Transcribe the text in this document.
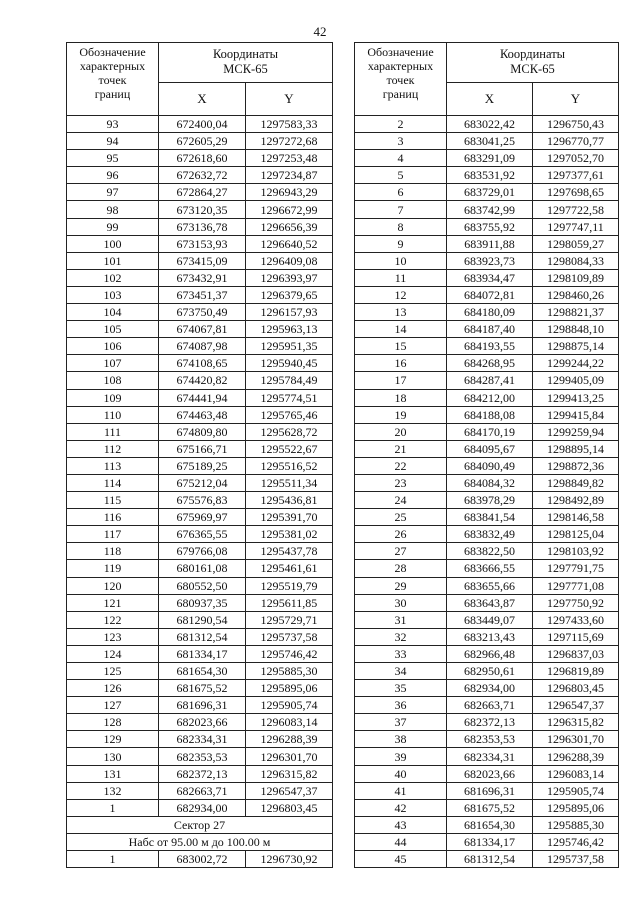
42
Обозначение
характерных
точек
границ	Координаты
МСК-65	
	X	Y
93	672400,04	1297583,33
94	672605,29	1297272,68
95	672618,60	1297253,48
96	672632,72	1297234,87
97	672864,27	1296943,29
98	673120,35	1296672,99
99	673136,78	1296656,39
100	673153,93	1296640,52
101	673415,09	1296409,08
102	673432,91	1296393,97
103	673451,37	1296379,65
104	673750,49	1296157,93
105	674067,81	1295963,13
106	674087,98	1295951,35
107	674108,65	1295940,45
108	674420,82	1295784,49
109	674441,94	1295774,51
110	674463,48	1295765,46
111	674809,80	1295628,72
112	675166,71	1295522,67
113	675189,25	1295516,52
114	675212,04	1295511,34
115	675576,83	1295436,81
116	675969,97	1295391,70
117	676365,55	1295381,02
118	679766,08	1295437,78
119	680161,08	1295461,61
120	680552,50	1295519,79
121	680937,35	1295611,85
122	681290,54	1295729,71
123	681312,54	1295737,58
124	681334,17	1295746,42
125	681654,30	1295885,30
126	681675,52	1295895,06
127	681696,31	1295905,74
128	682023,66	1296083,14
129	682334,31	1296288,39
130	682353,53	1296301,70
131	682372,13	1296315,82
132	682663,71	1296547,37
1	682934,00	1296803,45
Сектор 27		
Набс от 95.00 м до 100.00 м		
1	683002,72	1296730,92
Обозначение
характерных
точек
границ	Координаты
МСК-65	
	X	Y
2	683022,42	1296750,43
3	683041,25	1296770,77
4	683291,09	1297052,70
5	683531,92	1297377,61
6	683729,01	1297698,65
7	683742,99	1297722,58
8	683755,92	1297747,11
9	683911,88	1298059,27
10	683923,73	1298084,33
11	683934,47	1298109,89
12	684072,81	1298460,26
13	684180,09	1298821,37
14	684187,40	1298848,10
15	684193,55	1298875,14
16	684268,95	1299244,22
17	684287,41	1299405,09
18	684212,00	1299413,25
19	684188,08	1299415,84
20	684170,19	1299259,94
21	684095,67	1298895,14
22	684090,49	1298872,36
23	684084,32	1298849,82
24	683978,29	1298492,89
25	683841,54	1298146,58
26	683832,49	1298125,04
27	683822,50	1298103,92
28	683666,55	1297791,75
29	683655,66	1297771,08
30	683643,87	1297750,92
31	683449,07	1297433,60
32	683213,43	1297115,69
33	682966,48	1296837,03
34	682950,61	1296819,89
35	682934,00	1296803,45
36	682663,71	1296547,37
37	682372,13	1296315,82
38	682353,53	1296301,70
39	682334,31	1296288,39
40	682023,66	1296083,14
41	681696,31	1295905,74
42	681675,52	1295895,06
43	681654,30	1295885,30
44	681334,17	1295746,42
45	681312,54	1295737,58
